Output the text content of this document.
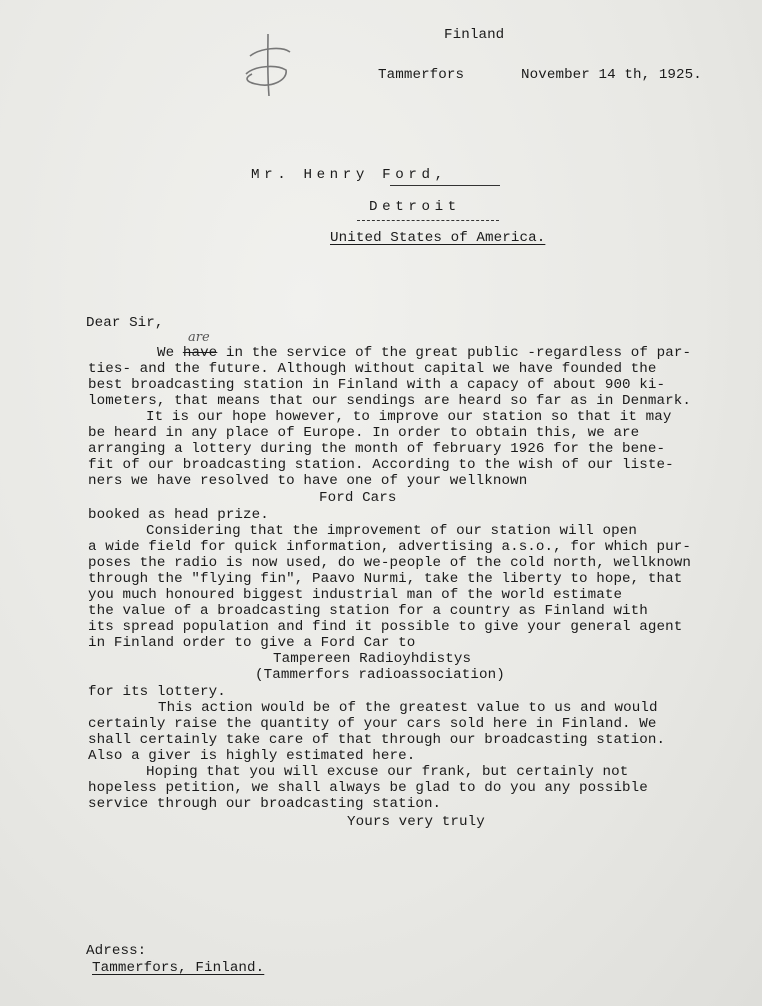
Finland
Tammerfors	November 14 th, 1925.
Mr. Henry Ford,
Detroit
United States of America.
Dear Sir,
are
We have in the service of the great public -regardless of par-
ties- and the future. Although without capital we have founded the
best broadcasting station in Finland with a capacy of about 900 ki-
lometers, that means that our sendings are heard so far as in Denmark.
It is our hope however, to improve our station so that it may
be heard in any place of Europe. In order to obtain this, we are
arranging a lottery during the month of february 1926 for the bene-
fit of our broadcasting station. According to the wish of our liste-
ners we have resolved to have one of your wellknown
Ford Cars
booked as head prize.
Considering that the improvement of our station will open
a wide field for quick information, advertising a.s.o., for which pur-
poses the radio is now used, do we-people of the cold north, wellknown
through the "flying fin", Paavo Nurmi, take the liberty to hope, that
you much honoured biggest industrial man of the world estimate
the value of a broadcasting station for a country as Finland with
its spread population and find it possible to give your general agent
in Finland order to give a Ford Car to
Tampereen Radioyhdistys
(Tammerfors radioassociation)
for its lottery.
This action would be of the greatest value to us and would
certainly raise the quantity of your cars sold here in Finland. We
shall certainly take care of that through our broadcasting station.
Also a giver is highly estimated here.
Hoping that you will excuse our frank, but certainly not
hopeless petition, we shall always be glad to do you any possible
service through our broadcasting station.
Yours very truly
Adress:
Tammerfors, Finland.
